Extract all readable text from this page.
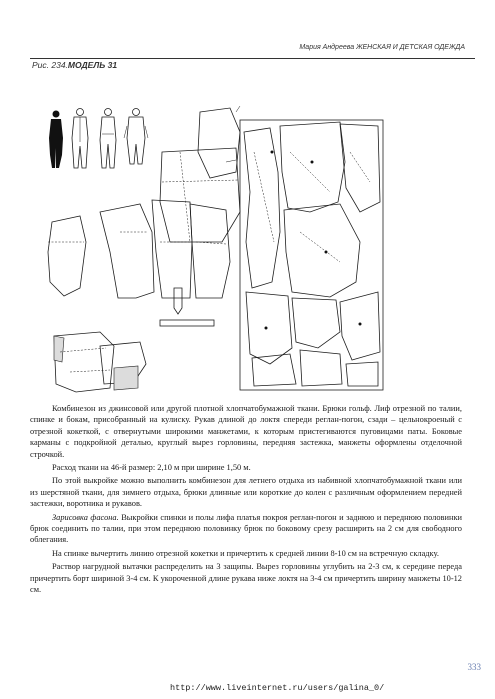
Мария Андреева ЖЕНСКАЯ И ДЕТСКАЯ ОДЕЖДА
Рис. 234.МОДЕЛЬ 31

Комбинезон из джинсовой или другой плотной хлопчатобумажной ткани. Брюки гольф. Лиф отрезной по талии, спинке и бокам, присобранный на кулиску. Рукав длиной до локтя спереди реглан-погон, сзади – цельнокроеный с отрезной кокеткой, с отвернутыми широкими манжетами, к которым пристегиваются пуговицами паты. Боковые карманы с подкройной деталью, круглый вырез горловины, передняя застежка, манжеты оформлены отделочной строчкой.

Расход ткани на 46-й размер: 2,10 м при ширине 1,50 м.

По этой выкройке можно выполнить комбинезон для летнего отдыха из набивной хлопчатобумажной ткани или из шерстяной ткани, для зимнего отдыха, брюки длинные или короткие до колен с различным оформлением передней застежки, воротника и рукавов.

Зарисовка фасона. Выкройки спинки и полы лифа платья покроя реглан-погон и заднюю и переднюю половинки брюк соединить по талии, при этом переднюю половинку брюк по боковому срезу расширить на 2 см для свободного облегания.

На спинке вычертить линию отрезной кокетки и причертить к средней линии 8-10 см на встречную складку.

Раствор нагрудной вытачки распределить на 3 защипы. Вырез горловины углубить на 2-3 см, к середине переда причертить борт шириной 3-4 см. К укороченной длине рукава ниже локтя на 3-4 см причертить ширину манжеты 10-12 см.

333
http://www.liveinternet.ru/users/galina_0/
